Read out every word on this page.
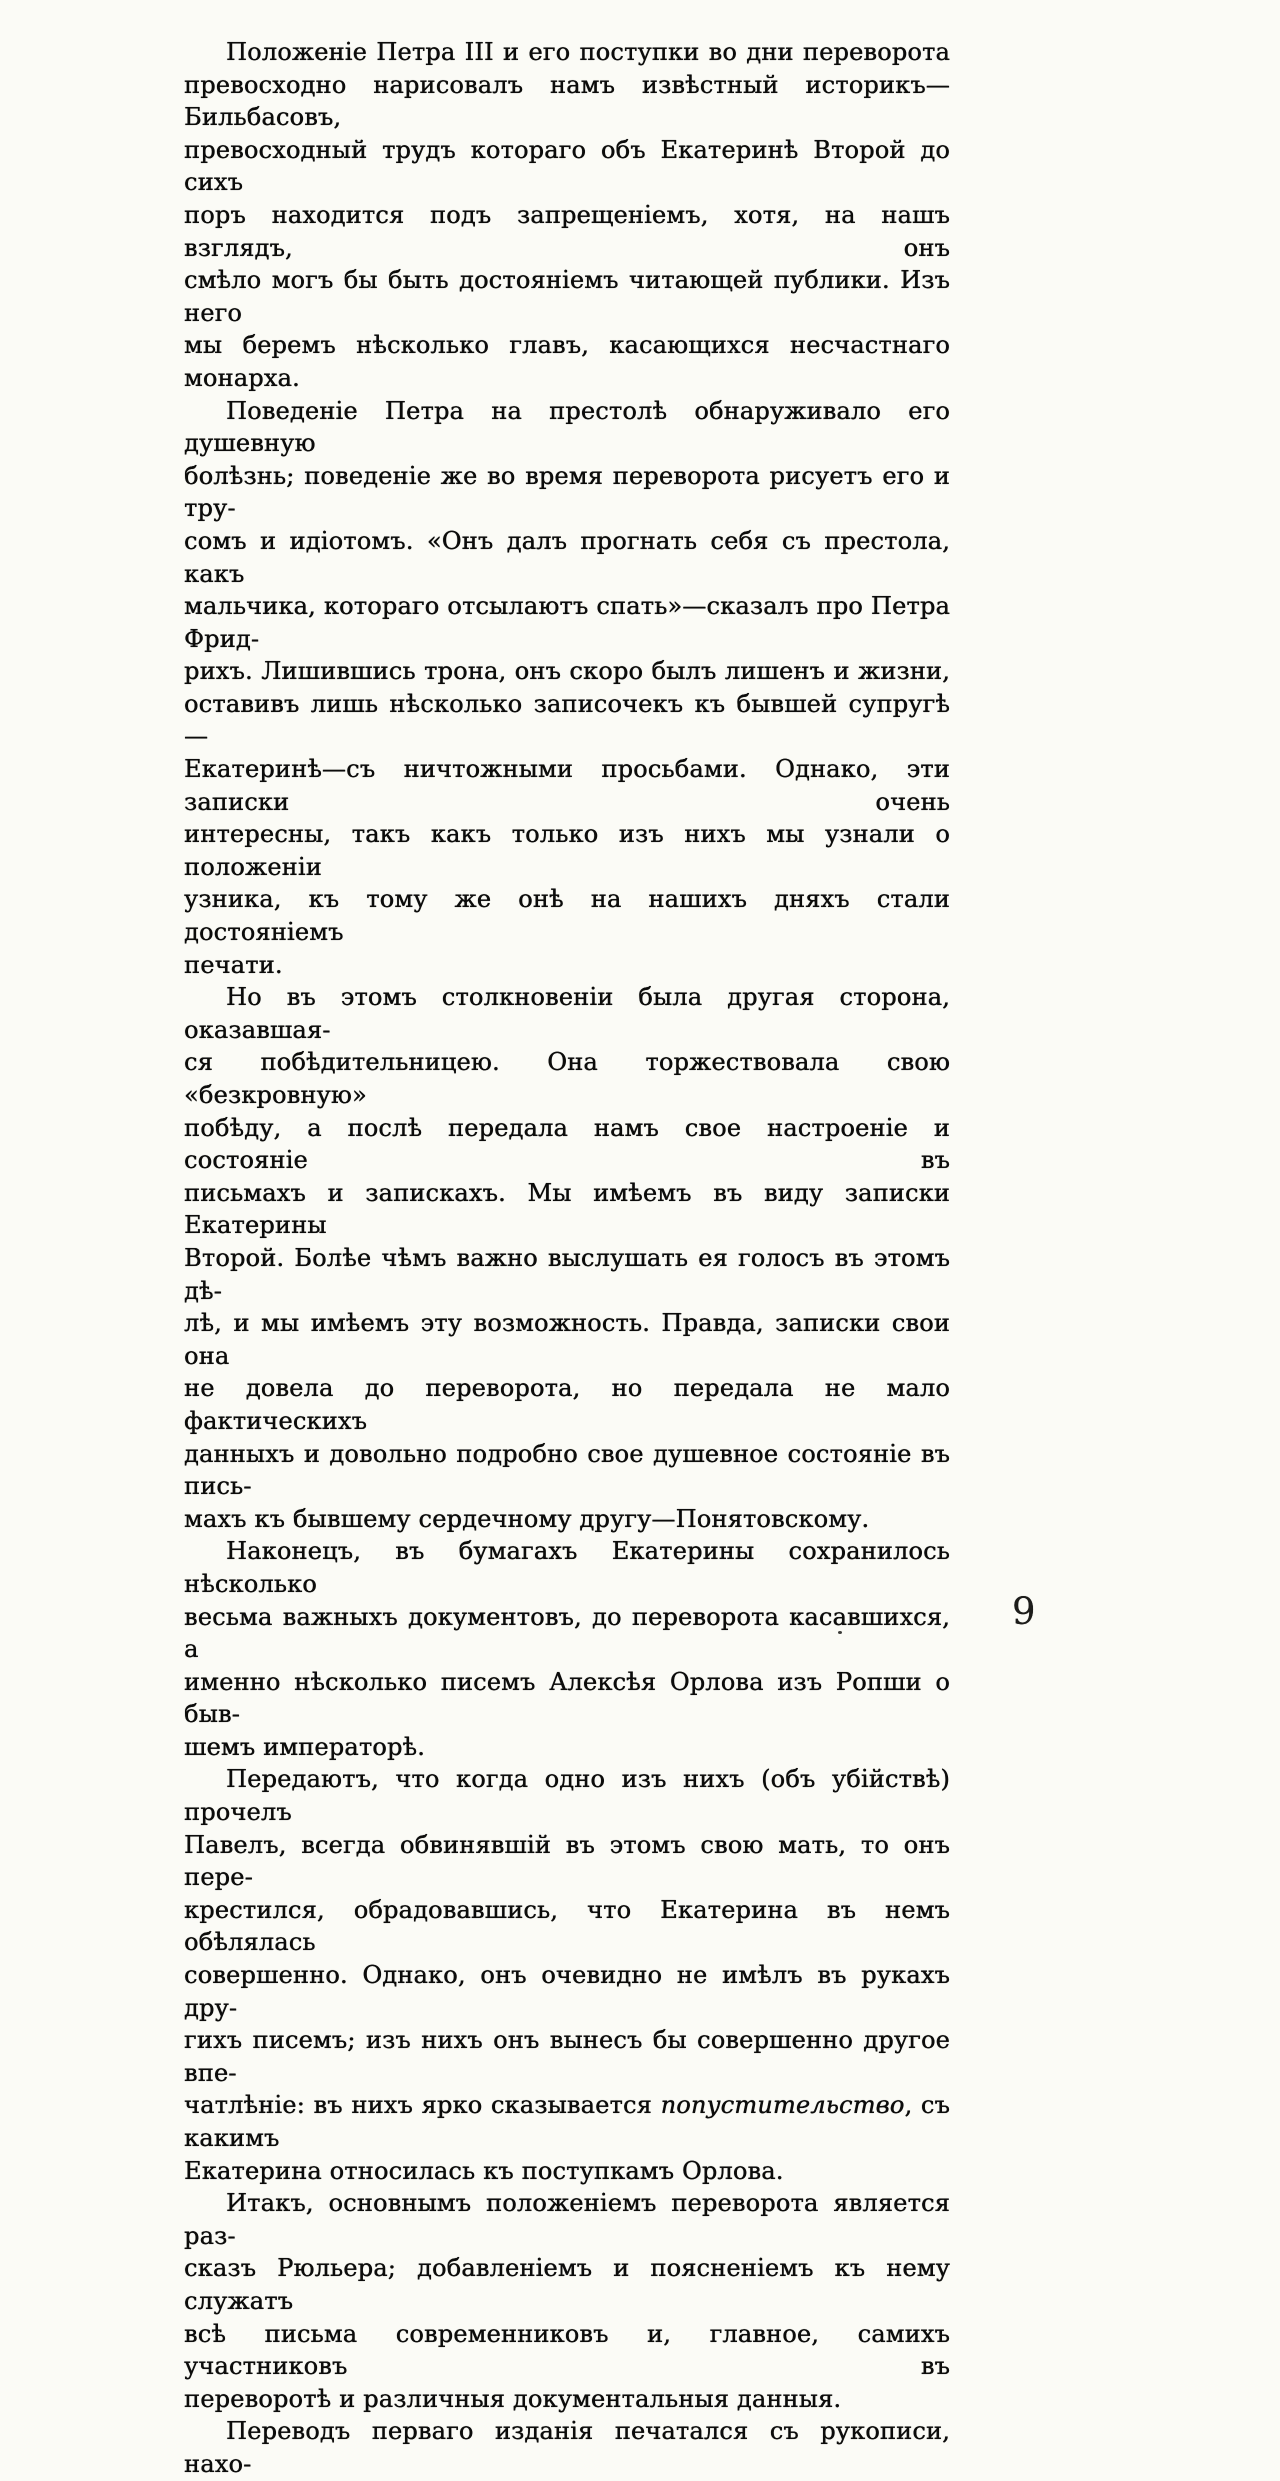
Положеніе Петра III и его поступки во дни переворота
превосходно нарисовалъ намъ извѣстный историкъ—Бильбасовъ,
превосходный трудъ котораго объ Екатеринѣ Второй до сихъ
поръ находится подъ запрещеніемъ, хотя, на нашъ взглядъ, онъ
смѣло могъ бы быть достояніемъ читающей публики. Изъ него
мы беремъ нѣсколько главъ, касающихся несчастнаго монарха.
Поведеніе Петра на престолѣ обнаруживало его душевную
болѣзнь; поведеніе же во время переворота рисуетъ его и тру-
сомъ и идіотомъ. «Онъ далъ прогнать себя съ престола, какъ
мальчика, котораго отсылаютъ спать»—сказалъ про Петра Фрид-
рихъ. Лишившись трона, онъ скоро былъ лишенъ и жизни,
оставивъ лишь нѣсколько записочекъ къ бывшей супругѣ—
Екатеринѣ—съ ничтожными просьбами. Однако, эти записки очень
интересны, такъ какъ только изъ нихъ мы узнали о положеніи
узника, къ тому же онѣ на нашихъ дняхъ стали достояніемъ
печати.
Но въ этомъ столкновеніи была другая сторона, оказавшая-
ся побѣдительницею. Она торжествовала свою «безкровную»
побѣду, а послѣ передала намъ свое настроеніе и состояніе въ
письмахъ и запискахъ. Мы имѣемъ въ виду записки Екатерины
Второй. Болѣе чѣмъ важно выслушать ея голосъ въ этомъ дѣ-
лѣ, и мы имѣемъ эту возможность. Правда, записки свои она
не довела до переворота, но передала не мало фактическихъ
данныхъ и довольно подробно свое душевное состояніе въ пись-
махъ къ бывшему сердечному другу—Понятовскому.
Наконецъ, въ бумагахъ Екатерины сохранилось нѣсколько
весьма важныхъ документовъ, до переворота касавшихся, а
именно нѣсколько писемъ Алексѣя Орлова изъ Ропши о быв-
шемъ императорѣ.
Передаютъ, что когда одно изъ нихъ (объ убійствѣ) прочелъ
Павелъ, всегда обвинявшій въ этомъ свою мать, то онъ пере-
крестился, обрадовавшись, что Екатерина въ немъ обѣлялась
совершенно. Однако, онъ очевидно не имѣлъ въ рукахъ дру-
гихъ писемъ; изъ нихъ онъ вынесъ бы совершенно другое впе-
чатлѣніе: въ нихъ ярко сказывается попустительство, съ какимъ
Екатерина относилась къ поступкамъ Орлова.
Итакъ, основнымъ положеніемъ переворота является раз-
сказъ Рюльера; добавленіемъ и поясненіемъ къ нему служатъ
всѣ письма современниковъ и, главное, самихъ участниковъ въ
переворотѣ и различныя документальныя данныя.
Переводъ перваго изданія печатался съ рукописи, нахо-
9
